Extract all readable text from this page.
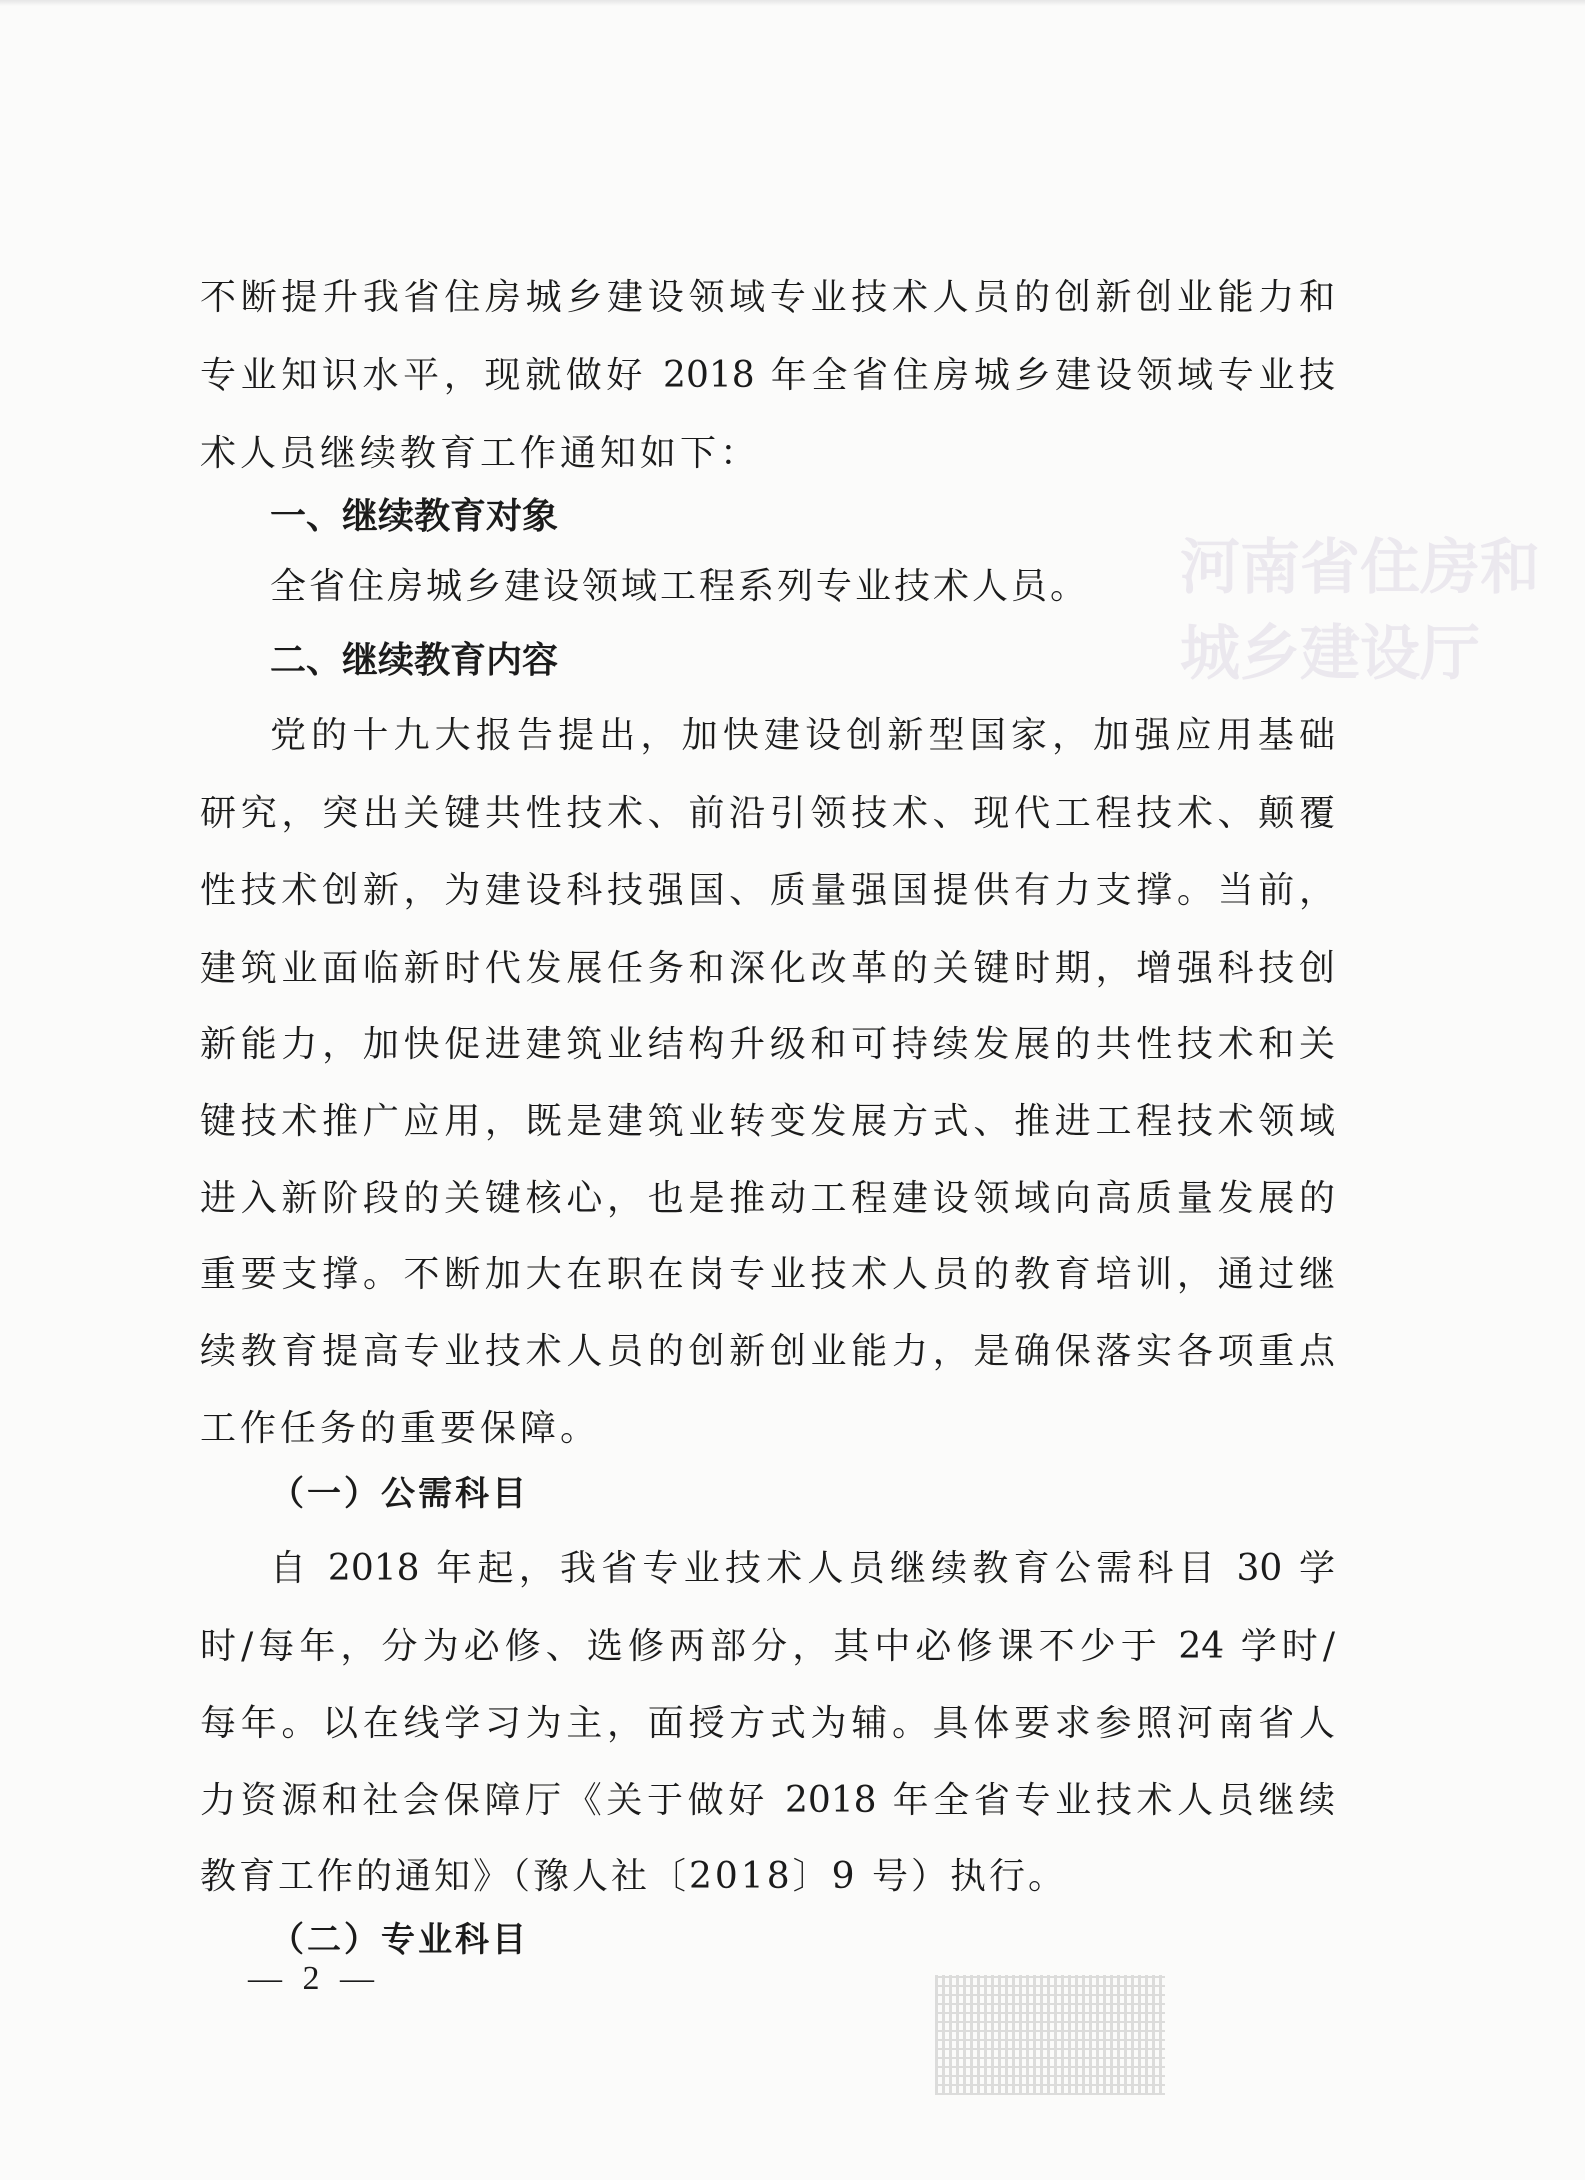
河南省住房和城乡建设厅
不断提升我省住房城乡建设领域专业技术人员的创新创业能力和
专业知识水平，现就做好 2018 年全省住房城乡建设领域专业技
术人员继续教育工作通知如下：
一、继续教育对象
全省住房城乡建设领域工程系列专业技术人员。
二、继续教育内容
党的十九大报告提出，加快建设创新型国家，加强应用基础
研究，突出关键共性技术、前沿引领技术、现代工程技术、颠覆
性技术创新，为建设科技强国、质量强国提供有力支撑。当前，
建筑业面临新时代发展任务和深化改革的关键时期，增强科技创
新能力，加快促进建筑业结构升级和可持续发展的共性技术和关
键技术推广应用，既是建筑业转变发展方式、推进工程技术领域
进入新阶段的关键核心，也是推动工程建设领域向高质量发展的
重要支撑。不断加大在职在岗专业技术人员的教育培训，通过继
续教育提高专业技术人员的创新创业能力，是确保落实各项重点
工作任务的重要保障。
（一）公需科目
自 2018 年起，我省专业技术人员继续教育公需科目 30 学
时/每年，分为必修、选修两部分，其中必修课不少于 24 学时/
每年。以在线学习为主，面授方式为辅。具体要求参照河南省人
力资源和社会保障厅《关于做好 2018 年全省专业技术人员继续
教育工作的通知》（豫人社〔2018〕9 号）执行。
（二）专业科目
— 2 —
